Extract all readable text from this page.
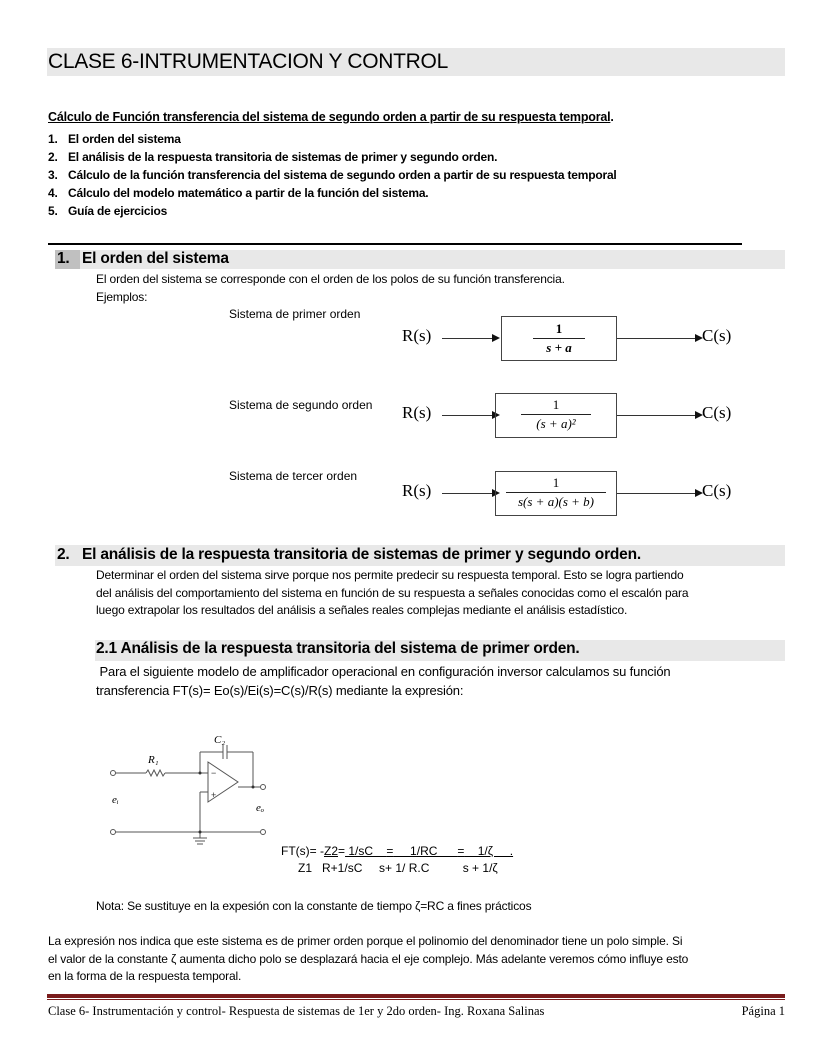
CLASE 6-INTRUMENTACION Y CONTROL
Cálculo de Función transferencia del sistema de segundo orden a partir de su respuesta temporal.
1. El orden del sistema
2. El análisis de la respuesta transitoria de sistemas de primer y segundo orden.
3. Cálculo de la función transferencia del sistema de segundo orden a partir de su respuesta temporal
4. Cálculo del modelo matemático a partir de la función del sistema.
5. Guía de ejercicios
1. El orden del sistema
El orden del sistema se corresponde con el orden de los polos de su función transferencia.
Ejemplos:
Sistema de primer orden
R(s)	1
s + a
C(s)
Sistema de segundo orden R(s)	1
(s + a)²
C(s)
Sistema de tercer orden
R(s)	1
s(s + a)(s + b)
C(s)
2. El análisis de la respuesta transitoria de sistemas de primer y segundo orden.
Determinar el orden del sistema sirve porque nos permite predecir su respuesta temporal. Esto se logra partiendo
del análisis del comportamiento del sistema en función de su respuesta a señales conocidas como el escalón para
luego extrapolar los resultados del análisis a señales reales complejas mediante el análisis estadístico.
2.1 Análisis de la respuesta transitoria del sistema de primer orden.
Para el siguiente modelo de amplificador operacional en configuración inversor calculamos su función
transferencia FT(s)= Eo(s)/Ei(s)=C(s)/R(s) mediante la expresión:
−
+
R₁
C₂
eᵢ
eₒ
FT(s)= -Z2= 1/sC    =     1/RC      =    1/ζ     .
Z1   R+1/sC     s+ 1/ R.C          s + 1/ζ
Nota: Se sustituye en la expesión con la constante de tiempo ζ=RC a fines prácticos
La expresión nos indica que este sistema es de primer orden porque el polinomio del denominador tiene un polo simple. Si
el valor de la constante ζ aumenta dicho polo se desplazará hacia el eje complejo. Más adelante veremos cómo influye esto
en la forma de la respuesta temporal.
Clase 6- Instrumentación y control- Respuesta de sistemas de 1er y 2do orden- Ing. Roxana Salinas	Página 1
